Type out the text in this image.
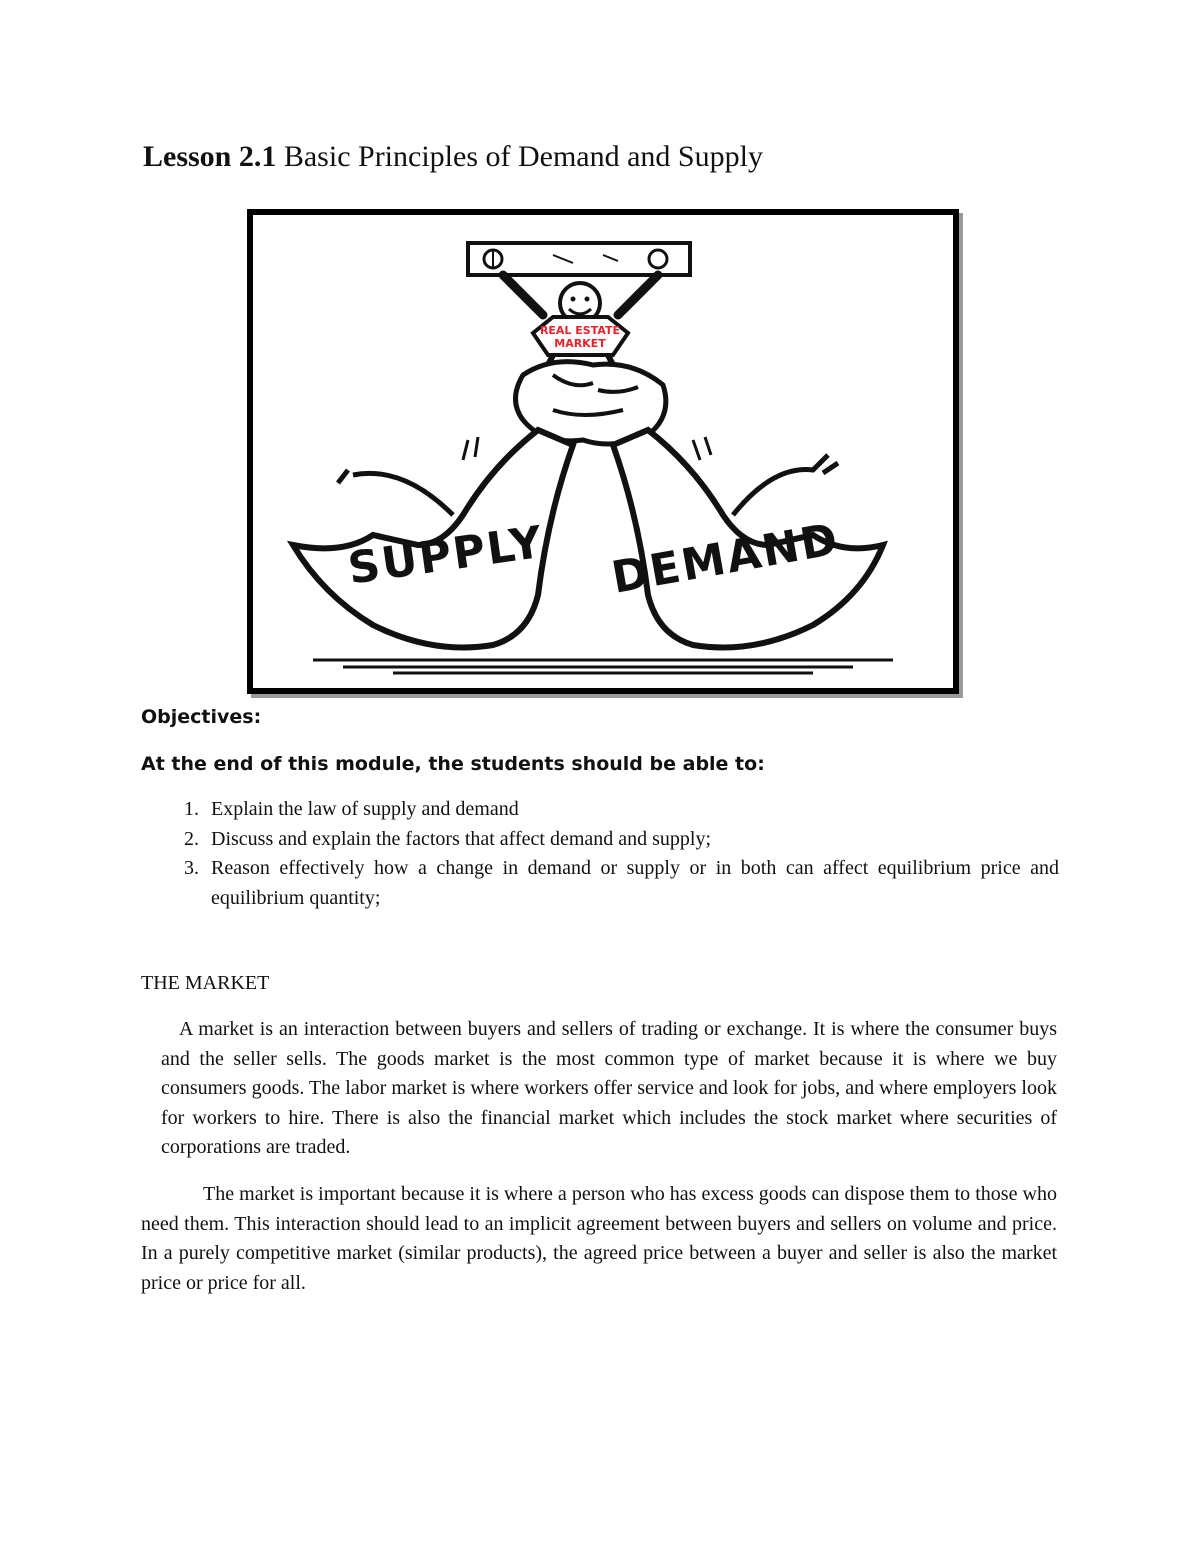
Lesson 2.1 Basic Principles of Demand and Supply
REAL ESTATE
MARKET
SUPPLY DEMAND
Objectives:
At the end of this module, the students should be able to:
1. Explain the law of supply and demand
2. Discuss and explain the factors that affect demand and supply;
3. Reason effectively how a change in demand or supply or in both can affect equilibrium price and equilibrium quantity;
THE MARKET

A market is an interaction between buyers and sellers of trading or exchange. It is where the consumer buys and the seller sells. The goods market is the most common type of market because it is where we buy consumers goods. The labor market is where workers offer service and look for jobs, and where employers look for workers to hire. There is also the financial market which includes the stock market where securities of corporations are traded.

The market is important because it is where a person who has excess goods can dispose them to those who need them. This interaction should lead to an implicit agreement between buyers and sellers on volume and price. In a purely competitive market (similar products), the agreed price between a buyer and seller is also the market price or price for all.
